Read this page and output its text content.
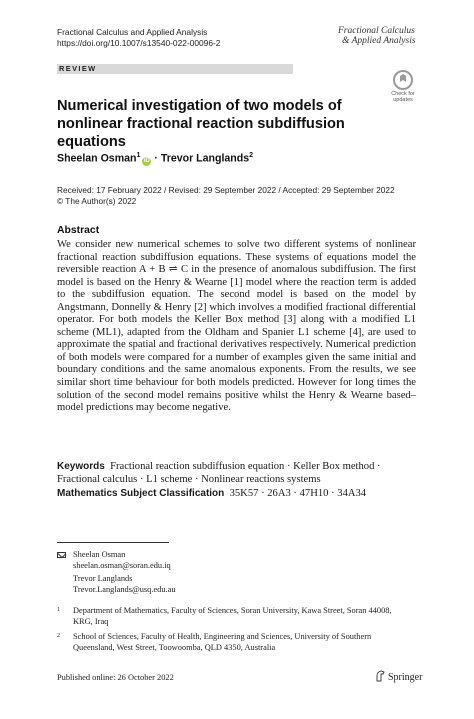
Fractional Calculus and Applied Analysis
https://doi.org/10.1007/s13540-022-00096-2
Fractional Calculus
& Applied Analysis
REVIEW
Check for
updates
Numerical investigation of two models of nonlinear fractional reaction subdiffusion equations
Sheelan Osman$^1$iD · Trevor Langlands$^2$
Received: 17 February 2022 / Revised: 29 September 2022 / Accepted: 29 September 2022
© The Author(s) 2022
Abstract
We consider new numerical schemes to solve two different systems of nonlinear fractional reaction subdiffusion equations. These systems of equations model the reversible reaction A + B ⇌ C in the presence of anomalous subdiffusion. The first model is based on the Henry & Wearne [1] model where the reaction term is added to the subdiffusion equation. The second model is based on the model by Angstmann, Donnelly & Henry [2] which involves a modified fractional differential operator. For both models the Keller Box method [3] along with a modified L1 scheme (ML1), adapted from the Oldham and Spanier L1 scheme [4], are used to approximate the spatial and fractional derivatives respectively. Numerical prediction of both models were compared for a number of examples given the same initial and boundary conditions and the same anomalous exponents. From the results, we see similar short time behaviour for both models predicted. However for long times the solution of the second model remains positive whilst the Henry & Wearne based–model predictions may become negative.
Keywords Fractional reaction subdiffusion equation · Keller Box method · Fractional calculus · L1 scheme · Nonlinear reactions systems
Mathematics Subject Classification 35K57 · 26A3 · 47H10 · 34A34
Sheelan Osman
sheelan.osman@soran.edu.iq
Trevor Langlands
Trevor.Langlands@usq.edu.au
1 Department of Mathematics, Faculty of Sciences, Soran University, Kawa Street, Soran 44008, KRG, Iraq
2 School of Sciences, Faculty of Health, Engineering and Sciences, University of Southern Queensland, West Street, Toowoomba, QLD 4350, Australia
Published online: 26 October 2022	Springer
